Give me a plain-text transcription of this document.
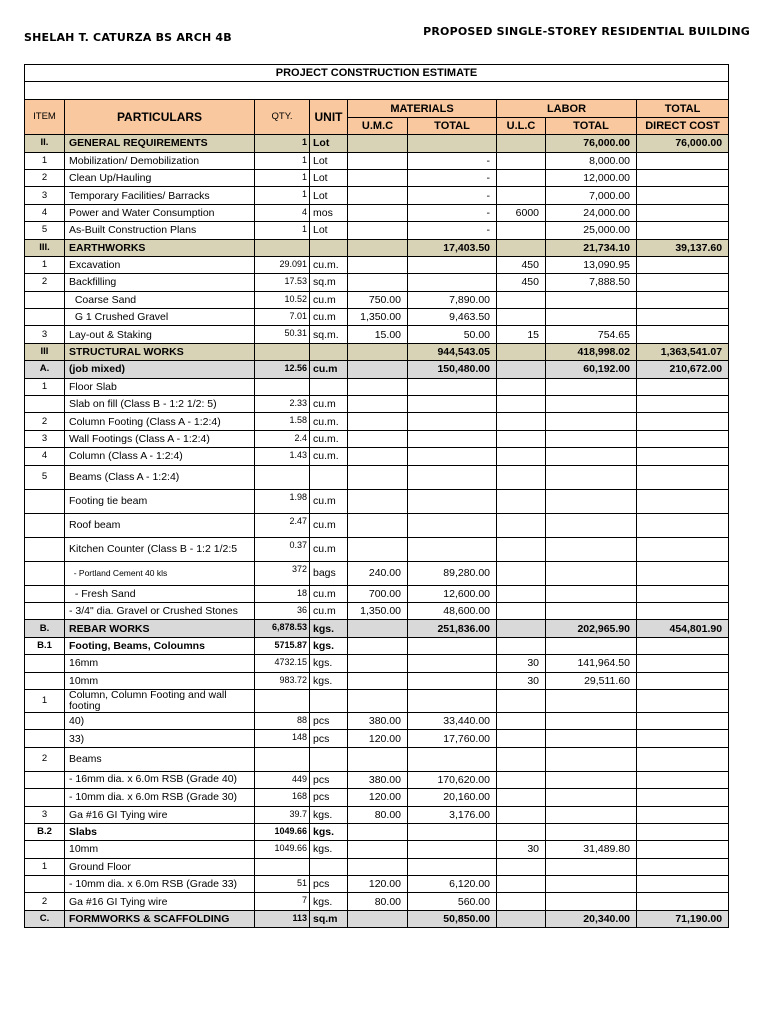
SHELAH T. CATURZA BS ARCH 4B	PROPOSED SINGLE-STOREY RESIDENTIAL BUILDING
PROJECT CONSTRUCTION ESTIMATE								

ITEM	PARTICULARS	QTY.	UNIT	MATERIALS		LABOR		TOTAL
				U.M.C	TOTAL	U.L.C	TOTAL	DIRECT COST
II.	GENERAL REQUIREMENTS	1	Lot				76,000.00	76,000.00
1	Mobilization/ Demobilization	1	Lot		-		8,000.00	
2	Clean Up/Hauling	1	Lot		-		12,000.00	
3	Temporary Facilities/ Barracks	1	Lot		-		7,000.00	
4	Power and Water Consumption	4	mos		-	6000	24,000.00	
5	As-Built Construction Plans	1	Lot		-		25,000.00	
III.	EARTHWORKS				17,403.50		21,734.10	39,137.60
1	Excavation	29.091	cu.m.			450	13,090.95	
2	Backfilling	17.53	sq.m			450	7,888.50	
	Coarse Sand	10.52	cu.m	750.00	7,890.00			
	G 1 Crushed Gravel	7.01	cu.m	1,350.00	9,463.50			
3	Lay-out & Staking	50.31	sq.m.	15.00	50.00	15	754.65	
III	STRUCTURAL WORKS				944,543.05		418,998.02	1,363,541.07
A.	(job mixed)	12.56	cu.m		150,480.00		60,192.00	210,672.00
1	Floor Slab							
	Slab on fill (Class B - 1:2 1/2: 5)	2.33	cu.m					
2	Column Footing (Class A - 1:2:4)	1.58	cu.m.					
3	Wall Footings (Class A - 1:2:4)	2.4	cu.m.					
4	Column (Class A - 1:2:4)	1.43	cu.m.					
5	Beams (Class A - 1:2:4)							
	Footing tie beam	1.98	cu.m					
	Roof beam	2.47	cu.m					
	Kitchen Counter (Class B - 1:2 1/2:5	0.37	cu.m					
	- Portland Cement 40 kls	372	bags	240.00	89,280.00			
	- Fresh Sand	18	cu.m	700.00	12,600.00			
	- 3/4" dia. Gravel or Crushed Stones	36	cu.m	1,350.00	48,600.00			
B.	REBAR WORKS	6,878.53	kgs.		251,836.00		202,965.90	454,801.90
B.1	Footing, Beams, Coloumns	5715.87	kgs.					
	16mm	4732.15	kgs.			30	141,964.50	
	10mm	983.72	kgs.			30	29,511.60	
1	Column, Column Footing and wall footing							
	40)	88	pcs	380.00	33,440.00			
	33)	148	pcs	120.00	17,760.00			
2	Beams							
	- 16mm dia. x 6.0m RSB (Grade 40)	449	pcs	380.00	170,620.00			
	- 10mm dia. x 6.0m RSB (Grade 30)	168	pcs	120.00	20,160.00			
3	Ga #16 GI Tying wire	39.7	kgs.	80.00	3,176.00			
B.2	Slabs	1049.66	kgs.					
	10mm	1049.66	kgs.			30	31,489.80	
1	Ground Floor							
	- 10mm dia. x 6.0m RSB (Grade 33)	51	pcs	120.00	6,120.00			
2	Ga #16 GI Tying wire	7	kgs.	80.00	560.00			
C.	FORMWORKS & SCAFFOLDING	113	sq.m		50,850.00		20,340.00	71,190.00
